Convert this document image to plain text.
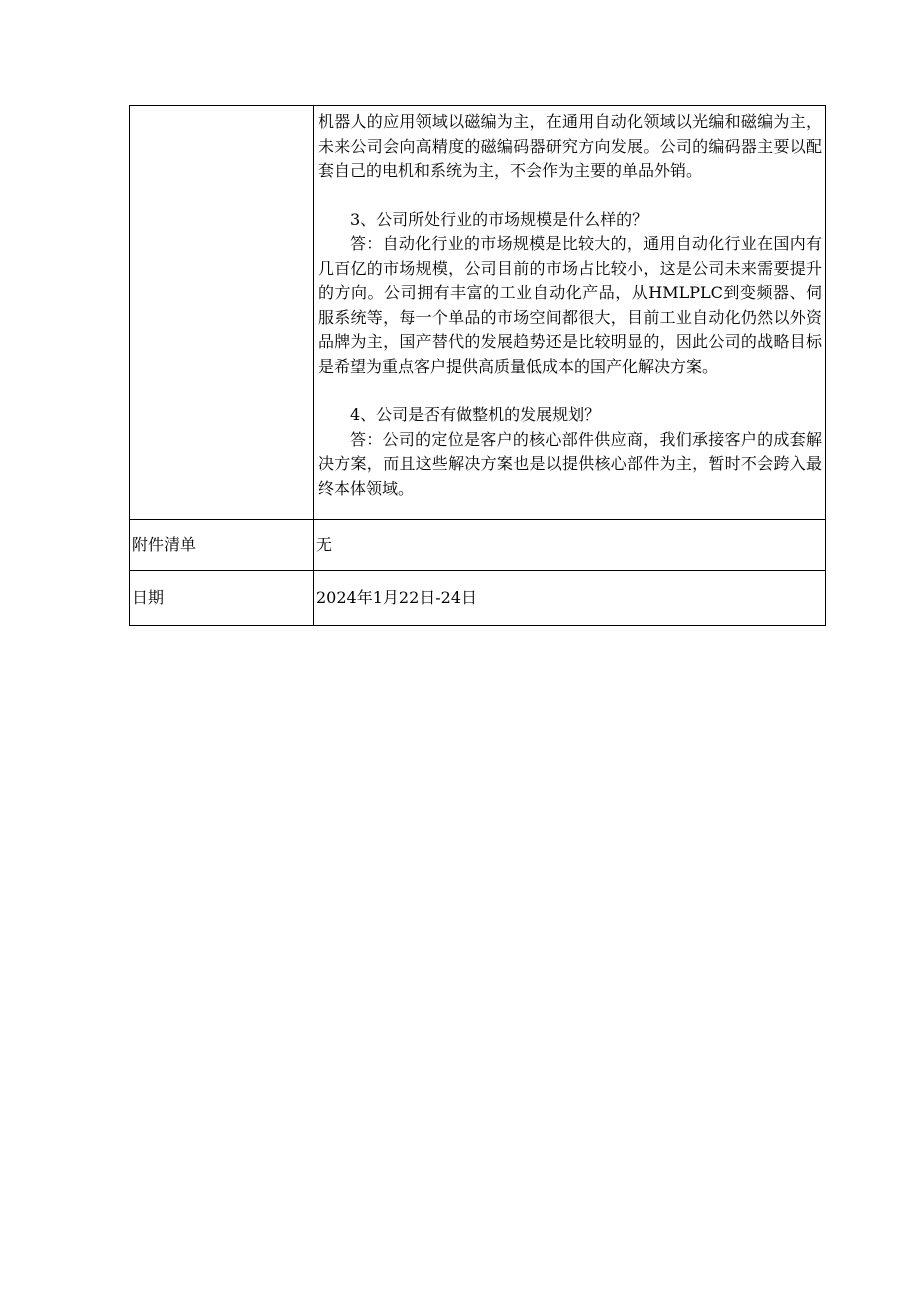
	机器人的应用领域以磁编为主，在通用自动化领域以光编和磁编为主，未来公司会向高精度的磁编码器研究方向发展。公司的编码器主要以配套自己的电机和系统为主，不会作为主要的单品外销。

3、公司所处行业的市场规模是什么样的？

答：自动化行业的市场规模是比较大的，通用自动化行业在国内有几百亿的市场规模，公司目前的市场占比较小，这是公司未来需要提升的方向。公司拥有丰富的工业自动化产品，从HMLPLC到变频器、伺服系统等，每一个单品的市场空间都很大，目前工业自动化仍然以外资品牌为主，国产替代的发展趋势还是比较明显的，因此公司的战略目标是希望为重点客户提供高质量低成本的国产化解决方案。

4、公司是否有做整机的发展规划？

答：公司的定位是客户的核心部件供应商，我们承接客户的成套解决方案，而且这些解决方案也是以提供核心部件为主，暂时不会跨入最终本体领域。

附件清单	无

日期	2024年1月22日-24日
